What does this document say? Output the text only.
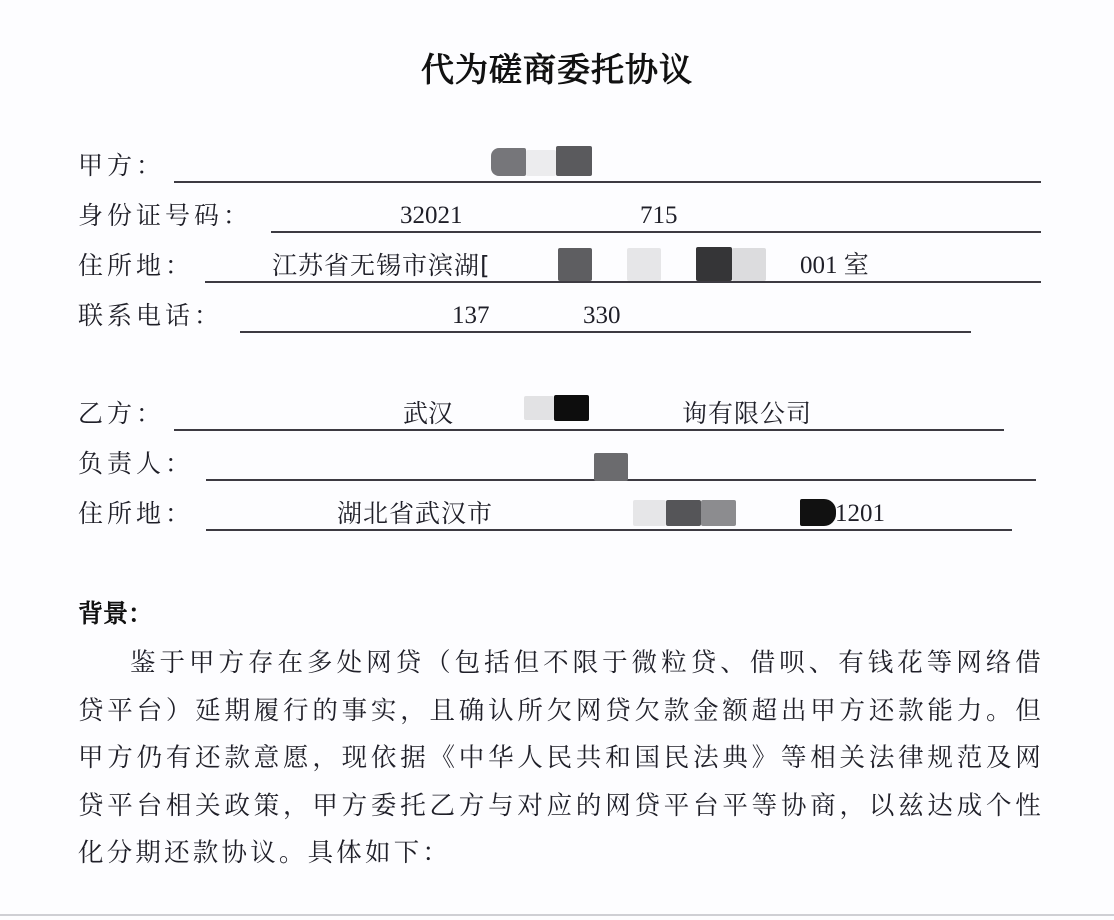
代为磋商委托协议
甲方：
身份证号码：	32021	715
住所地：	江苏省无锡市滨湖[	001 室
联系电话：	137	330
乙方：	武汉	询有限公司
负责人：
住所地：	湖北省武汉市	1201
背景：
鉴于甲方存在多处网贷（包括但不限于微粒贷、借呗、有钱花等网络借贷平台）延期履行的事实，且确认所欠网贷欠款金额超出甲方还款能力。但甲方仍有还款意愿，现依据《中华人民共和国民法典》等相关法律规范及网贷平台相关政策，甲方委托乙方与对应的网贷平台平等协商，以兹达成个性化分期还款协议。具体如下：
